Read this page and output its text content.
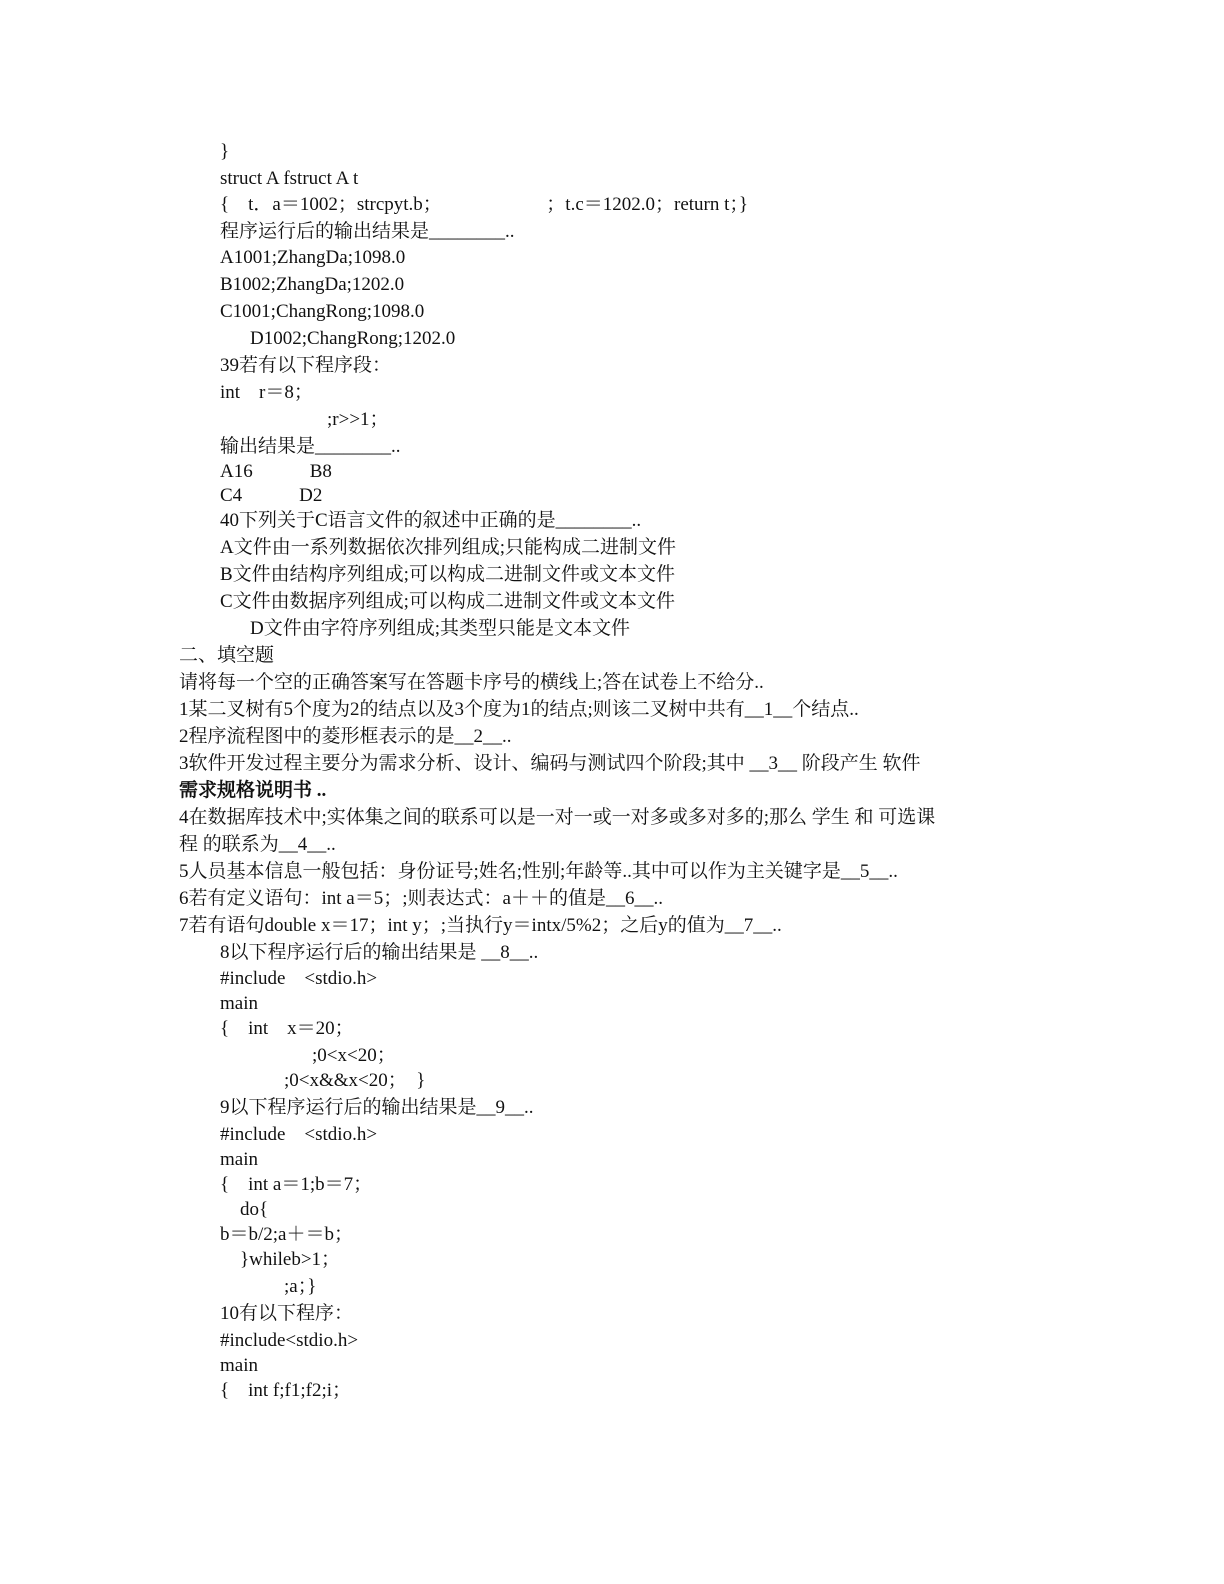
}
struct A fstruct A t
{　t．a＝1002；strcpyt.b；　　　　　　；t.c＝1202.0；return t；}
程序运行后的输出结果是________..
A1001;ZhangDa;1098.0
B1002;ZhangDa;1202.0
C1001;ChangRong;1098.0
D1002;ChangRong;1202.0
39若有以下程序段：
int　r＝8；
;r>>1；
输出结果是________..
A16　　　B8
C4　　　D2
40下列关于C语言文件的叙述中正确的是________..
A文件由一系列数据依次排列组成;只能构成二进制文件
B文件由结构序列组成;可以构成二进制文件或文本文件
C文件由数据序列组成;可以构成二进制文件或文本文件
D文件由字符序列组成;其类型只能是文本文件
二、填空题
请将每一个空的正确答案写在答题卡序号的横线上;答在试卷上不给分..
1某二叉树有5个度为2的结点以及3个度为1的结点;则该二叉树中共有__1__个结点..
2程序流程图中的菱形框表示的是__2__..
3软件开发过程主要分为需求分析、设计、编码与测试四个阶段;其中 __3__ 阶段产生 软件
需求规格说明书 ..
4在数据库技术中;实体集之间的联系可以是一对一或一对多或多对多的;那么 学生 和 可选课
程 的联系为__4__..
5人员基本信息一般包括：身份证号;姓名;性别;年龄等..其中可以作为主关键字是__5__..
6若有定义语句：int a＝5；;则表达式：a＋＋的值是__6__..
7若有语句double x＝17；int y；;当执行y＝intx/5%2；之后y的值为__7__..
8以下程序运行后的输出结果是 __8__..
#include　<stdio.h>
main
{　int　x＝20；
;0<x<20；
;0<x&&x<20；　}
9以下程序运行后的输出结果是__9__..
#include　<stdio.h>
main
{　int a＝1;b＝7；
do{
b＝b/2;a＋＝b；
}whileb>1；
;a；}
10有以下程序：
#include<stdio.h>
main
{　int f;f1;f2;i；
